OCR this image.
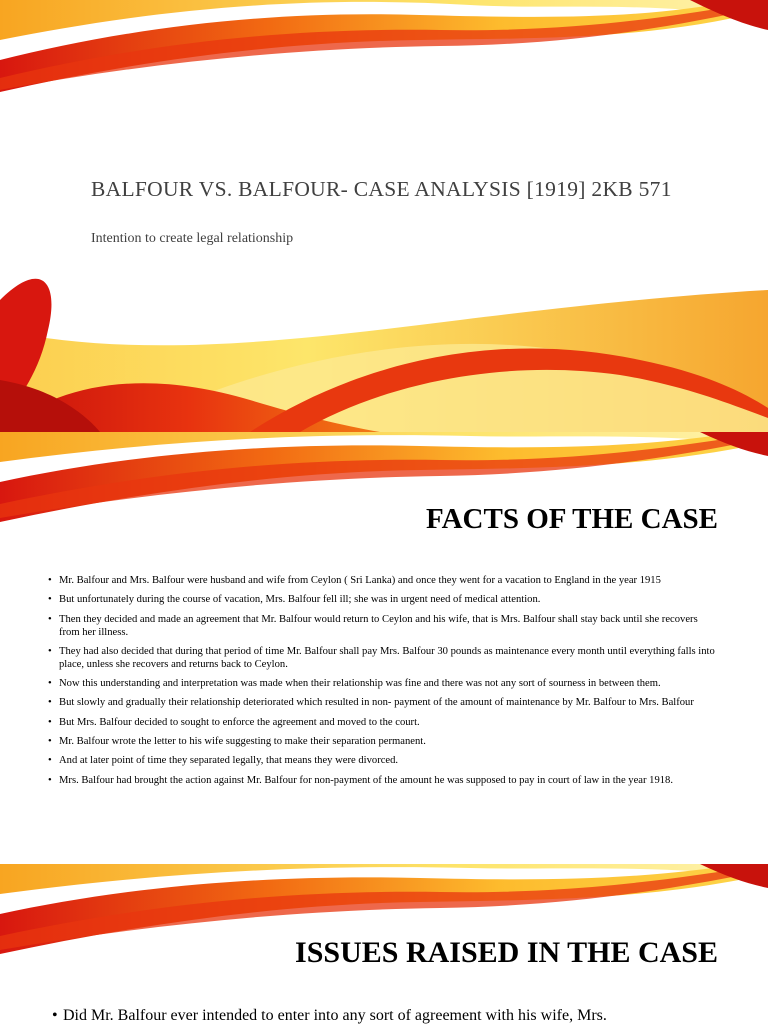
BALFOUR VS. BALFOUR- CASE ANALYSIS [1919] 2KB 571

Intention to create legal relationship

FACTS OF THE CASE
• Mr. Balfour and Mrs. Balfour were husband and wife from Ceylon ( Sri Lanka) and once they went for a vacation to England in the year 1915
• But unfortunately during the course of vacation, Mrs. Balfour fell ill; she was in urgent need of medical attention.
• Then they decided and made an agreement that Mr. Balfour would return to Ceylon and his wife, that is Mrs. Balfour shall stay back until she recovers from her illness.
• They had also decided that during that period of time Mr. Balfour shall pay Mrs. Balfour 30 pounds as maintenance every month until everything falls into place, unless she recovers and returns back to Ceylon.
• Now this understanding and interpretation was made when their relationship was fine and there was not any sort of sourness in between them.
• But slowly and gradually their relationship deteriorated which resulted in non- payment of the amount of maintenance by Mr. Balfour to Mrs. Balfour
• But Mrs. Balfour decided to sought to enforce the agreement and moved to the court.
• Mr. Balfour wrote the letter to his wife suggesting to make their separation permanent.
• And at later point of time they separated legally, that means they were divorced.
• Mrs. Balfour had brought the action against Mr. Balfour for non-payment of the amount he was supposed to pay in court of law in the year 1918.
ISSUES RAISED IN THE CASE
• Did Mr. Balfour ever intended to enter into any sort of agreement with his wife, Mrs.
